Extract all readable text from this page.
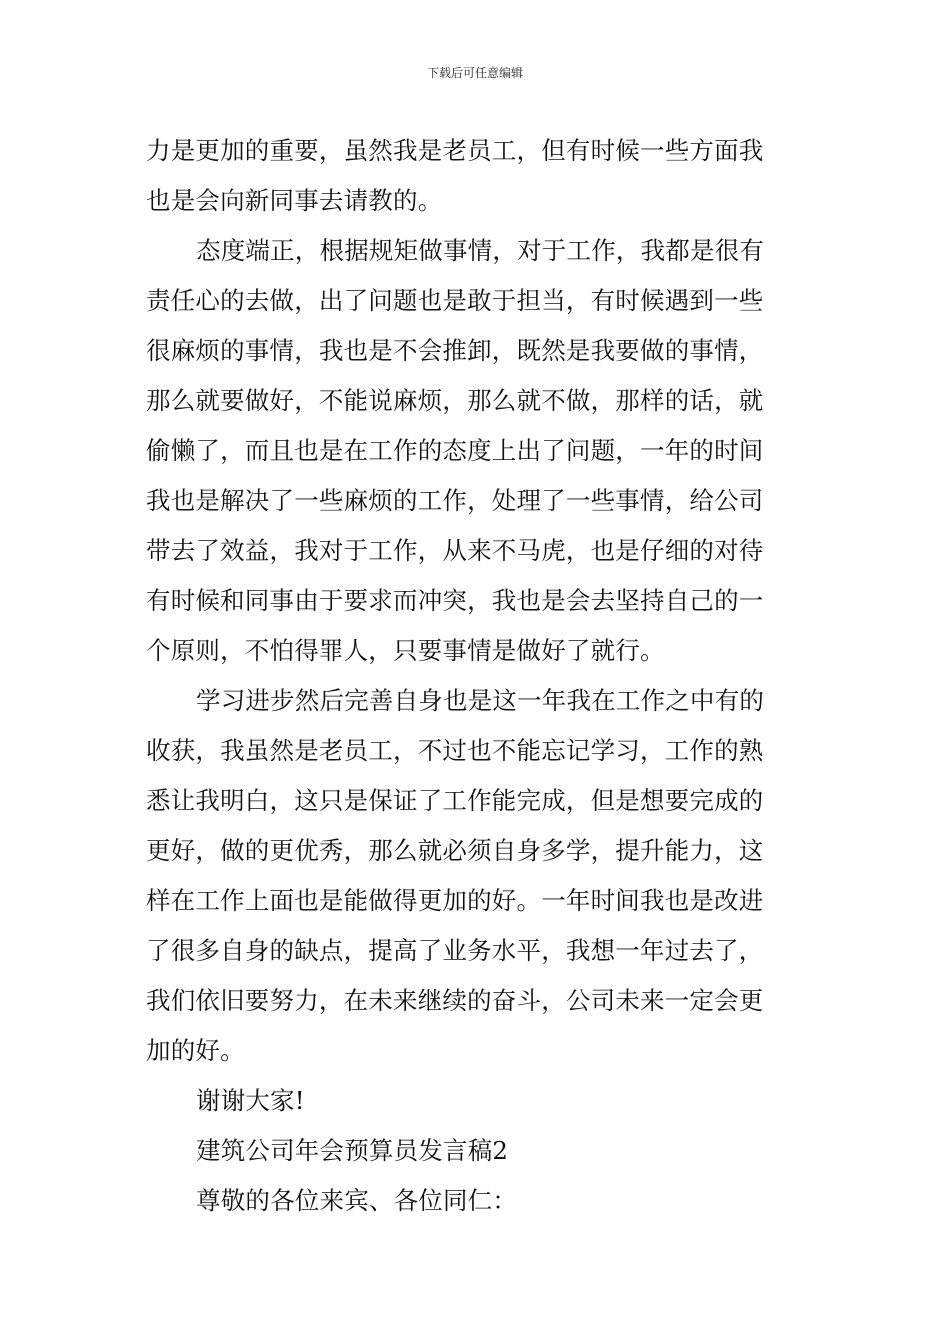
下载后可任意编辑
力是更加的重要，虽然我是老员工，但有时候一些方面我
也是会向新同事去请教的。
态度端正，根据规矩做事情，对于工作，我都是很有
责任心的去做，出了问题也是敢于担当，有时候遇到一些
很麻烦的事情，我也是不会推卸，既然是我要做的事情，
那么就要做好，不能说麻烦，那么就不做，那样的话，就
偷懒了，而且也是在工作的态度上出了问题，一年的时间
我也是解决了一些麻烦的工作，处理了一些事情，给公司
带去了效益，我对于工作，从来不马虎，也是仔细的对待
有时候和同事由于要求而冲突，我也是会去坚持自己的一
个原则，不怕得罪人，只要事情是做好了就行。
学习进步然后完善自身也是这一年我在工作之中有的
收获，我虽然是老员工，不过也不能忘记学习，工作的熟
悉让我明白，这只是保证了工作能完成，但是想要完成的
更好，做的更优秀，那么就必须自身多学，提升能力，这
样在工作上面也是能做得更加的好。一年时间我也是改进
了很多自身的缺点，提高了业务水平，我想一年过去了，
我们依旧要努力，在未来继续的奋斗，公司未来一定会更
加的好。
谢谢大家!
建筑公司年会预算员发言稿2
尊敬的各位来宾、各位同仁：
